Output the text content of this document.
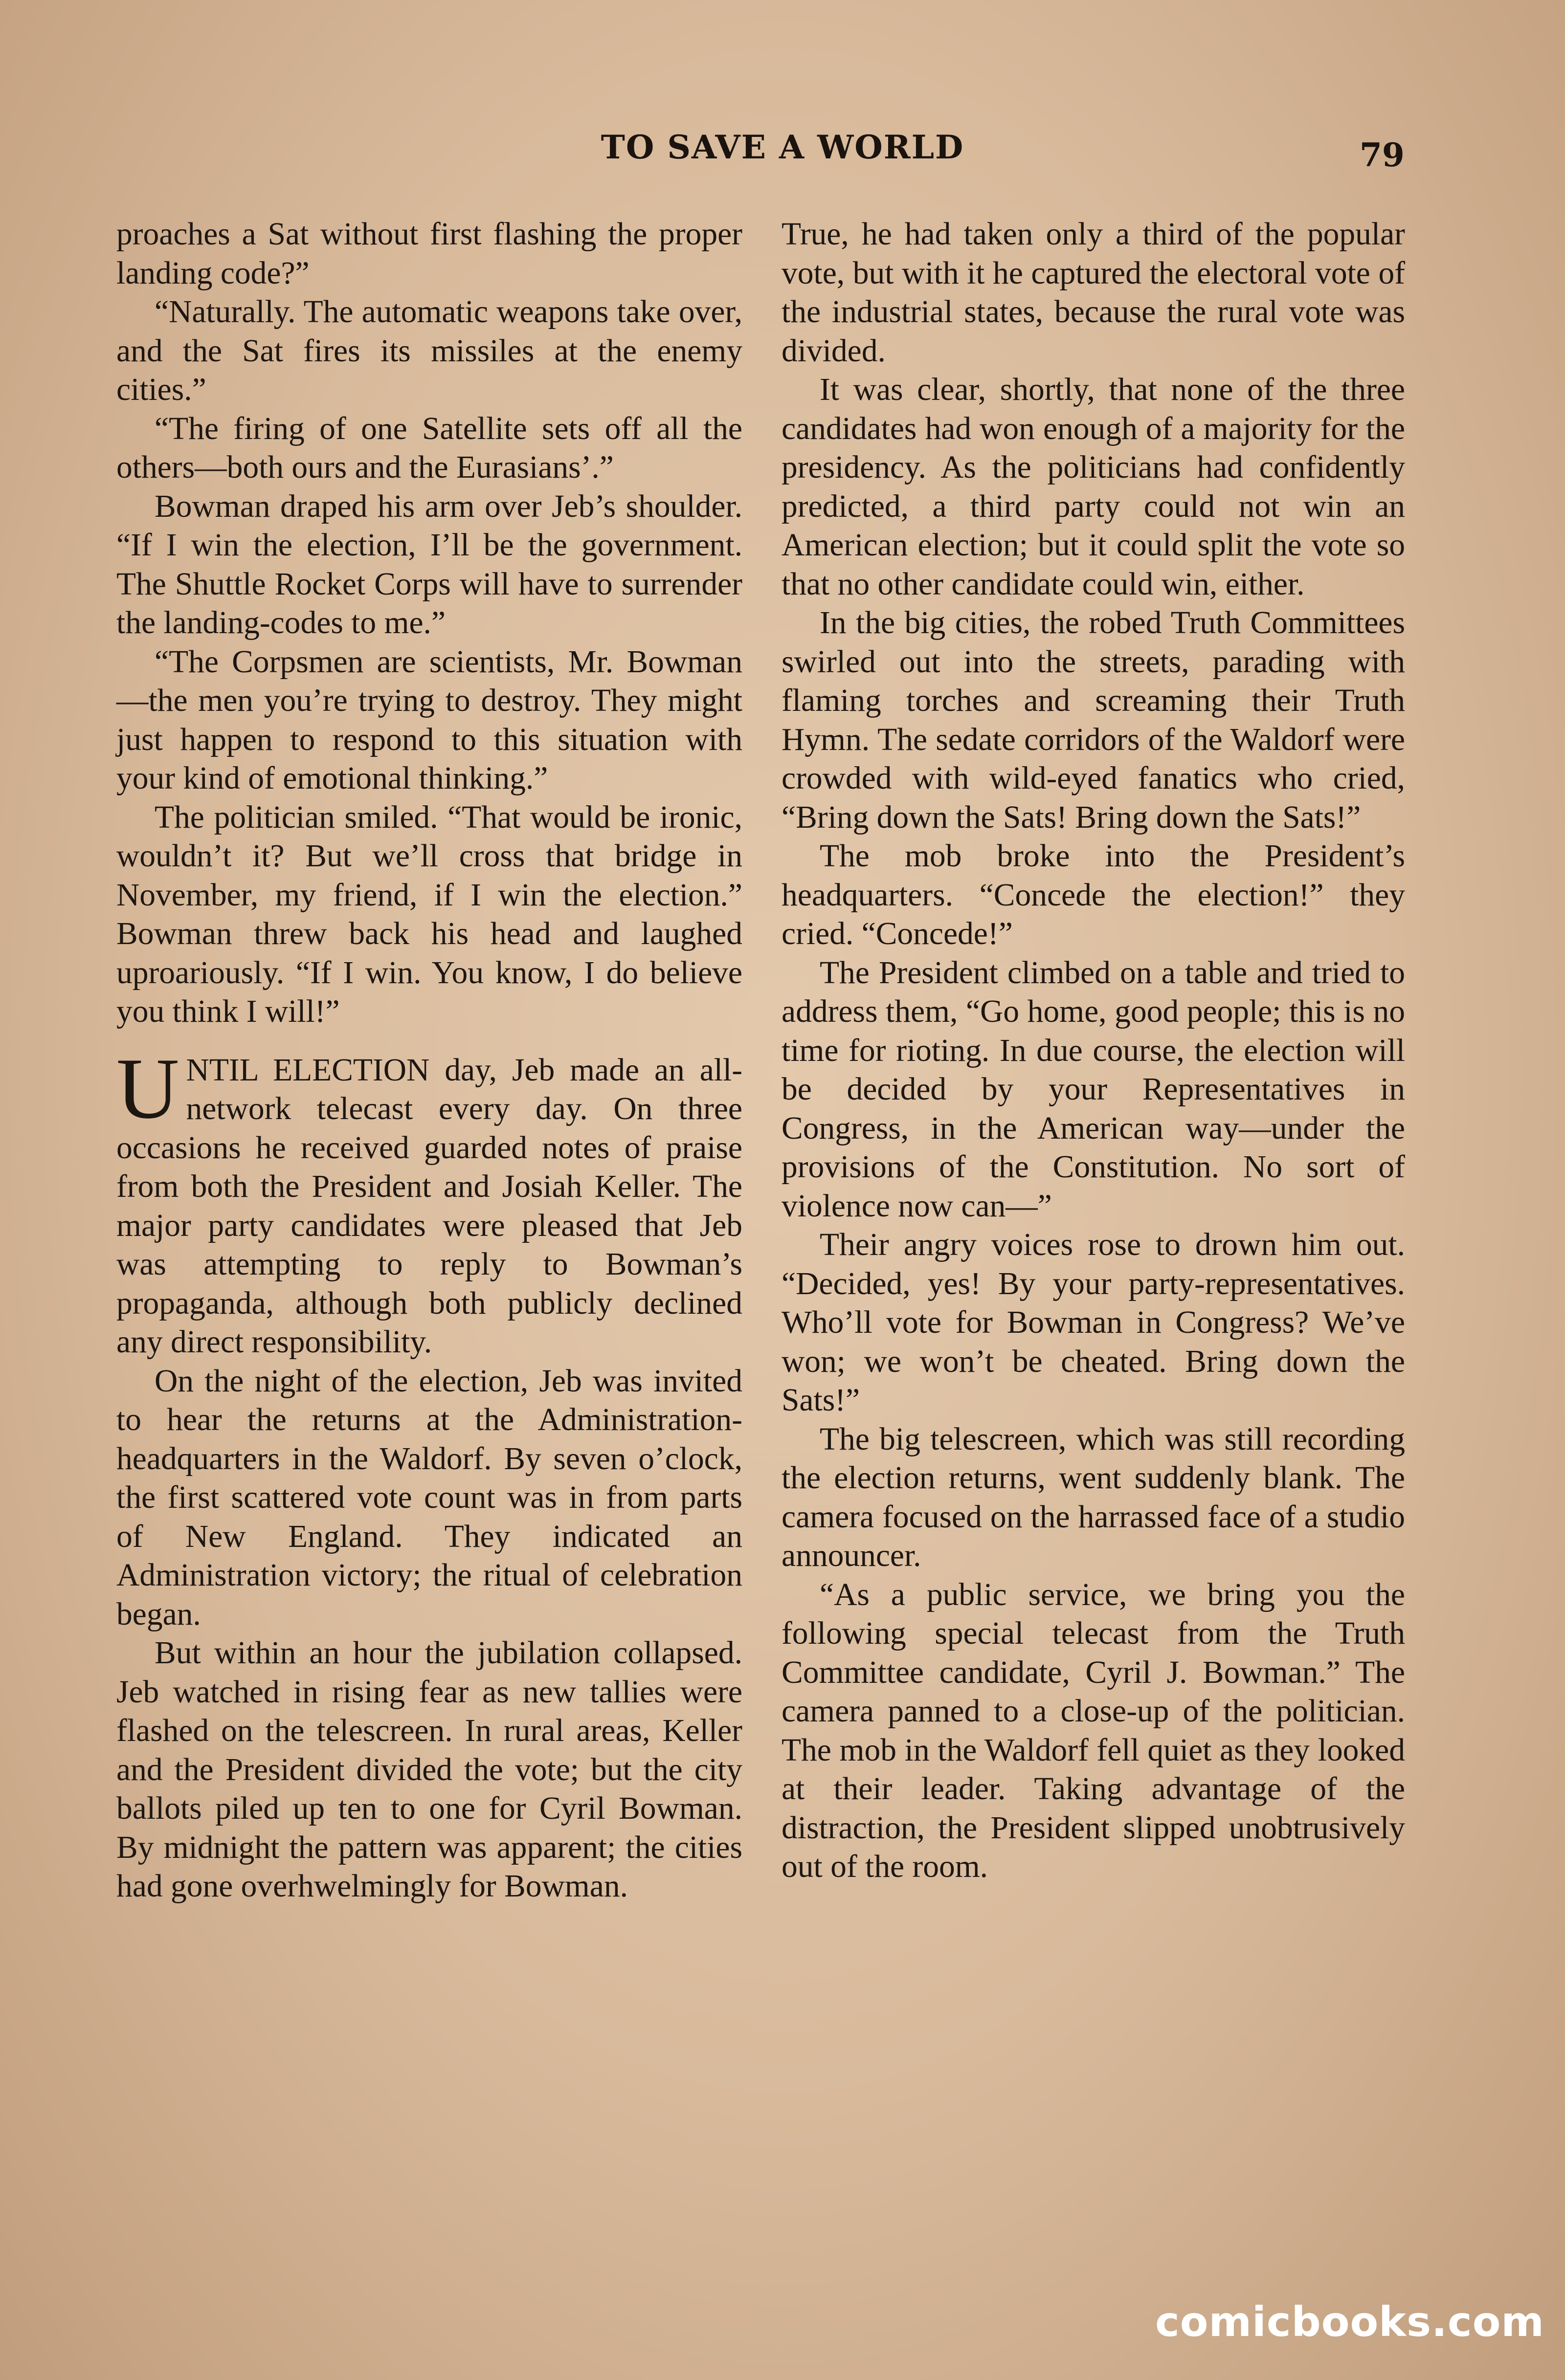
TO SAVE A WORLD	79

proaches a Sat without first flashing the proper landing code?”

“Naturally. The automatic weapons take over, and the Sat fires its missiles at the enemy cities.”

“The firing of one Satellite sets off all the others—both ours and the Eurasians’.”

Bowman draped his arm over Jeb’s shoulder. “If I win the election, I’ll be the government. The Shuttle Rocket Corps will have to surrender the landing-codes to me.”

“The Corpsmen are scientists, Mr. Bowman—the men you’re trying to destroy. They might just happen to respond to this situation with your kind of emotional thinking.”

The politician smiled. “That would be ironic, wouldn’t it? But we’ll cross that bridge in November, my friend, if I win the election.” Bowman threw back his head and laughed uproariously. “If I win. You know, I do believe you think I will!”

UNTIL ELECTION day, Jeb made an all-network telecast every day. On three occasions he received guarded notes of praise from both the President and Josiah Keller. The major party candidates were pleased that Jeb was attempting to reply to Bowman’s propaganda, although both publicly declined any direct responsibility.

On the night of the election, Jeb was invited to hear the returns at the Administration-headquarters in the Waldorf. By seven o’clock, the first scattered vote count was in from parts of New England. They indicated an Administration victory; the ritual of celebration began.

But within an hour the jubilation collapsed. Jeb watched in rising fear as new tallies were flashed on the telescreen. In rural areas, Keller and the President divided the vote; but the city ballots piled up ten to one for Cyril Bowman. By midnight the pattern was apparent; the cities had gone overhwelmingly for Bowman.

True, he had taken only a third of the popular vote, but with it he captured the electoral vote of the industrial states, because the rural vote was divided.

It was clear, shortly, that none of the three candidates had won enough of a majority for the presidency. As the politicians had confidently predicted, a third party could not win an American election; but it could split the vote so that no other candidate could win, either.

In the big cities, the robed Truth Committees swirled out into the streets, parading with flaming torches and screaming their Truth Hymn. The sedate corridors of the Waldorf were crowded with wild-eyed fanatics who cried, “Bring down the Sats! Bring down the Sats!”

The mob broke into the President’s headquarters. “Concede the election!” they cried. “Concede!”

The President climbed on a table and tried to address them, “Go home, good people; this is no time for rioting. In due course, the election will be decided by your Representatives in Congress, in the American way—under the provisions of the Constitution. No sort of violence now can—”

Their angry voices rose to drown him out. “Decided, yes! By your party-representatives. Who’ll vote for Bowman in Congress? We’ve won; we won’t be cheated. Bring down the Sats!”

The big telescreen, which was still recording the election returns, went suddenly blank. The camera focused on the harrassed face of a studio announcer.

“As a public service, we bring you the following special telecast from the Truth Committee candidate, Cyril J. Bowman.” The camera panned to a close-up of the politician. The mob in the Waldorf fell quiet as they looked at their leader. Taking advantage of the distraction, the President slipped unobtrusively out of the room.

comicbooks.com
